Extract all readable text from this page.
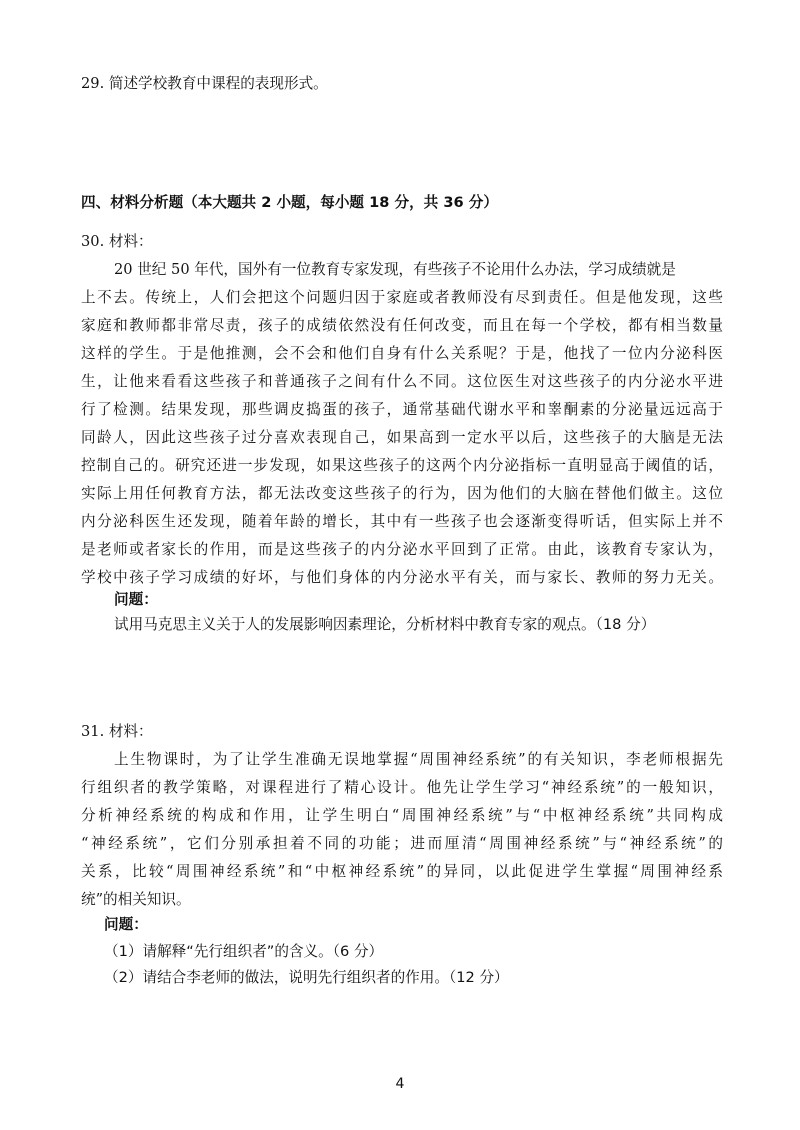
29. 简述学校教育中课程的表现形式。
四、材料分析题（本大题共 2 小题，每小题 18 分，共 36 分）
30. 材料：
20 世纪 50 年代，国外有一位教育专家发现，有些孩子不论用什么办法，学习成绩就是
上不去。传统上，人们会把这个问题归因于家庭或者教师没有尽到责任。但是他发现，这些
家庭和教师都非常尽责，孩子的成绩依然没有任何改变，而且在每一个学校，都有相当数量
这样的学生。于是他推测，会不会和他们自身有什么关系呢？于是，他找了一位内分泌科医
生，让他来看看这些孩子和普通孩子之间有什么不同。这位医生对这些孩子的内分泌水平进
行了检测。结果发现，那些调皮捣蛋的孩子，通常基础代谢水平和睾酮素的分泌量远远高于
同龄人，因此这些孩子过分喜欢表现自己，如果高到一定水平以后，这些孩子的大脑是无法
控制自己的。研究还进一步发现，如果这些孩子的这两个内分泌指标一直明显高于阈值的话，
实际上用任何教育方法，都无法改变这些孩子的行为，因为他们的大脑在替他们做主。这位
内分泌科医生还发现，随着年龄的增长，其中有一些孩子也会逐渐变得听话，但实际上并不
是老师或者家长的作用，而是这些孩子的内分泌水平回到了正常。由此，该教育专家认为，
学校中孩子学习成绩的好坏，与他们身体的内分泌水平有关，而与家长、教师的努力无关。
问题：
试用马克思主义关于人的发展影响因素理论，分析材料中教育专家的观点。（18 分）
31. 材料：
上生物课时，为了让学生准确无误地掌握“周围神经系统”的有关知识，李老师根据先
行组织者的教学策略，对课程进行了精心设计。他先让学生学习“神经系统”的一般知识，
分析神经系统的构成和作用，让学生明白“周围神经系统”与“中枢神经系统”共同构成
“神经系统”，它们分别承担着不同的功能；进而厘清“周围神经系统”与“神经系统”的
关系，比较“周围神经系统”和“中枢神经系统”的异同，以此促进学生掌握“周围神经系
统”的相关知识。
问题：
（1）请解释“先行组织者”的含义。（6 分）
（2）请结合李老师的做法，说明先行组织者的作用。（12 分）
4
